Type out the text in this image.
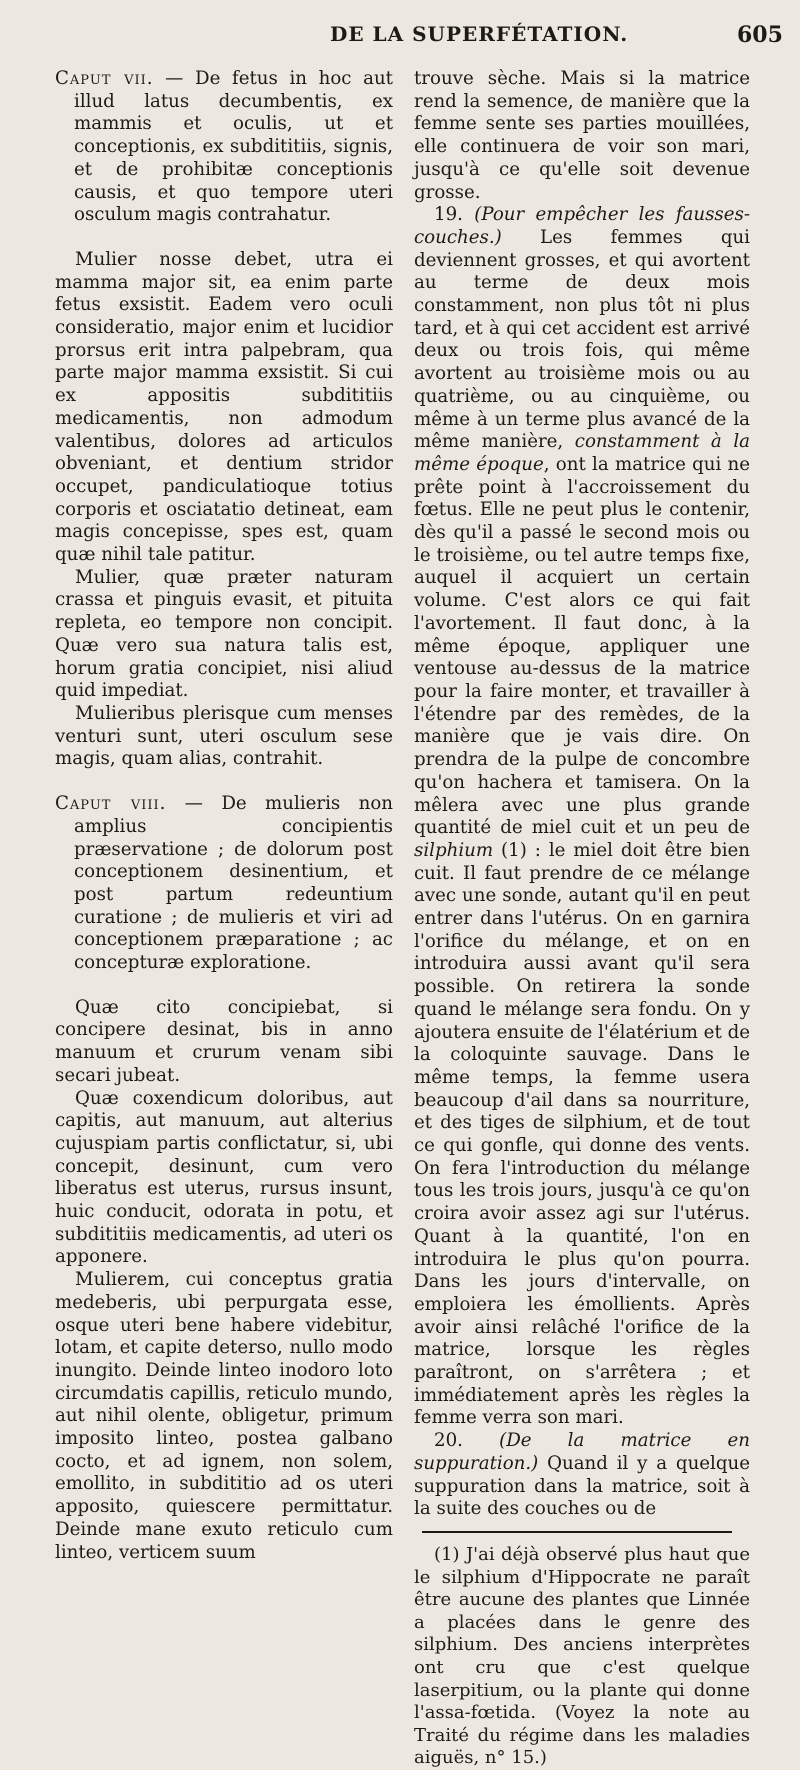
DE LA SUPERFÉTATION.	605

Caput vii. — De fetus in hoc aut illud latus decumbentis, ex mammis et oculis, ut et conceptionis, ex subdititiis, signis, et de prohibitæ conceptionis causis, et quo tempore uteri osculum magis contrahatur.

Mulier nosse debet, utra ei mamma major sit, ea enim parte fetus exsistit. Eadem vero oculi consideratio, major enim et lucidior prorsus erit intra palpebram, qua parte major mamma exsistit. Si cui ex appositis subdititiis medicamentis, non admodum valentibus, dolores ad articulos obveniant, et dentium stridor occupet, pandiculatioque totius corporis et osciatatio detineat, eam magis concepisse, spes est, quam quæ nihil tale patitur.

Mulier, quæ præter naturam crassa et pinguis evasit, et pituita repleta, eo tempore non concipit. Quæ vero sua natura talis est, horum gratia concipiet, nisi aliud quid impediat.

Mulieribus plerisque cum menses venturi sunt, uteri osculum sese magis, quam alias, contrahit.

Caput viii. — De mulieris non amplius concipientis præservatione ; de dolorum post conceptionem desinentium, et post partum redeuntium curatione ; de mulieris et viri ad conceptionem præparatione ; ac concepturæ exploratione.

Quæ cito concipiebat, si concipere desinat, bis in anno manuum et crurum venam sibi secari jubeat.

Quæ coxendicum doloribus, aut capitis, aut manuum, aut alterius cujuspiam partis conflictatur, si, ubi concepit, desinunt, cum vero liberatus est uterus, rursus insunt, huic conducit, odorata in potu, et subdititiis medicamentis, ad uteri os apponere.

Mulierem, cui conceptus gratia medeberis, ubi perpurgata esse, osque uteri bene habere videbitur, lotam, et capite deterso, nullo modo inungito. Deinde linteo inodoro loto circumdatis capillis, reticulo mundo, aut nihil olente, obligetur, primum imposito linteo, postea galbano cocto, et ad ignem, non solem, emollito, in subdititio ad os uteri apposito, quiescere permittatur. Deinde mane exuto reticulo cum linteo, verticem suum

trouve sèche. Mais si la matrice rend la semence, de manière que la femme sente ses parties mouillées, elle continuera de voir son mari, jusqu'à ce qu'elle soit devenue grosse.

19. (Pour empêcher les fausses-couches.) Les femmes qui deviennent grosses, et qui avortent au terme de deux mois constamment, non plus tôt ni plus tard, et à qui cet accident est arrivé deux ou trois fois, qui même avortent au troisième mois ou au quatrième, ou au cinquième, ou même à un terme plus avancé de la même manière, constamment à la même époque, ont la matrice qui ne prête point à l'accroissement du fœtus. Elle ne peut plus le contenir, dès qu'il a passé le second mois ou le troisième, ou tel autre temps fixe, auquel il acquiert un certain volume. C'est alors ce qui fait l'avortement. Il faut donc, à la même époque, appliquer une ventouse au-dessus de la matrice pour la faire monter, et travailler à l'étendre par des remèdes, de la manière que je vais dire. On prendra de la pulpe de concombre qu'on hachera et tamisera. On la mêlera avec une plus grande quantité de miel cuit et un peu de silphium (1) : le miel doit être bien cuit. Il faut prendre de ce mélange avec une sonde, autant qu'il en peut entrer dans l'utérus. On en garnira l'orifice du mélange, et on en introduira aussi avant qu'il sera possible. On retirera la sonde quand le mélange sera fondu. On y ajoutera ensuite de l'élatérium et de la coloquinte sauvage. Dans le même temps, la femme usera beaucoup d'ail dans sa nourriture, et des tiges de silphium, et de tout ce qui gonfle, qui donne des vents. On fera l'introduction du mélange tous les trois jours, jusqu'à ce qu'on croira avoir assez agi sur l'utérus. Quant à la quantité, l'on en introduira le plus qu'on pourra. Dans les jours d'intervalle, on emploiera les émollients. Après avoir ainsi relâché l'orifice de la matrice, lorsque les règles paraîtront, on s'arrêtera ; et immédiatement après les règles la femme verra son mari.

20. (De la matrice en suppuration.) Quand il y a quelque suppuration dans la matrice, soit à la suite des couches ou de

(1) J'ai déjà observé plus haut que le silphium d'Hippocrate ne paraît être aucune des plantes que Linnée a placées dans le genre des silphium. Des anciens interprètes ont cru que c'est quelque laserpitium, ou la plante qui donne l'assa-fœtida. (Voyez la note au Traité du régime dans les maladies aiguës, n° 15.)
